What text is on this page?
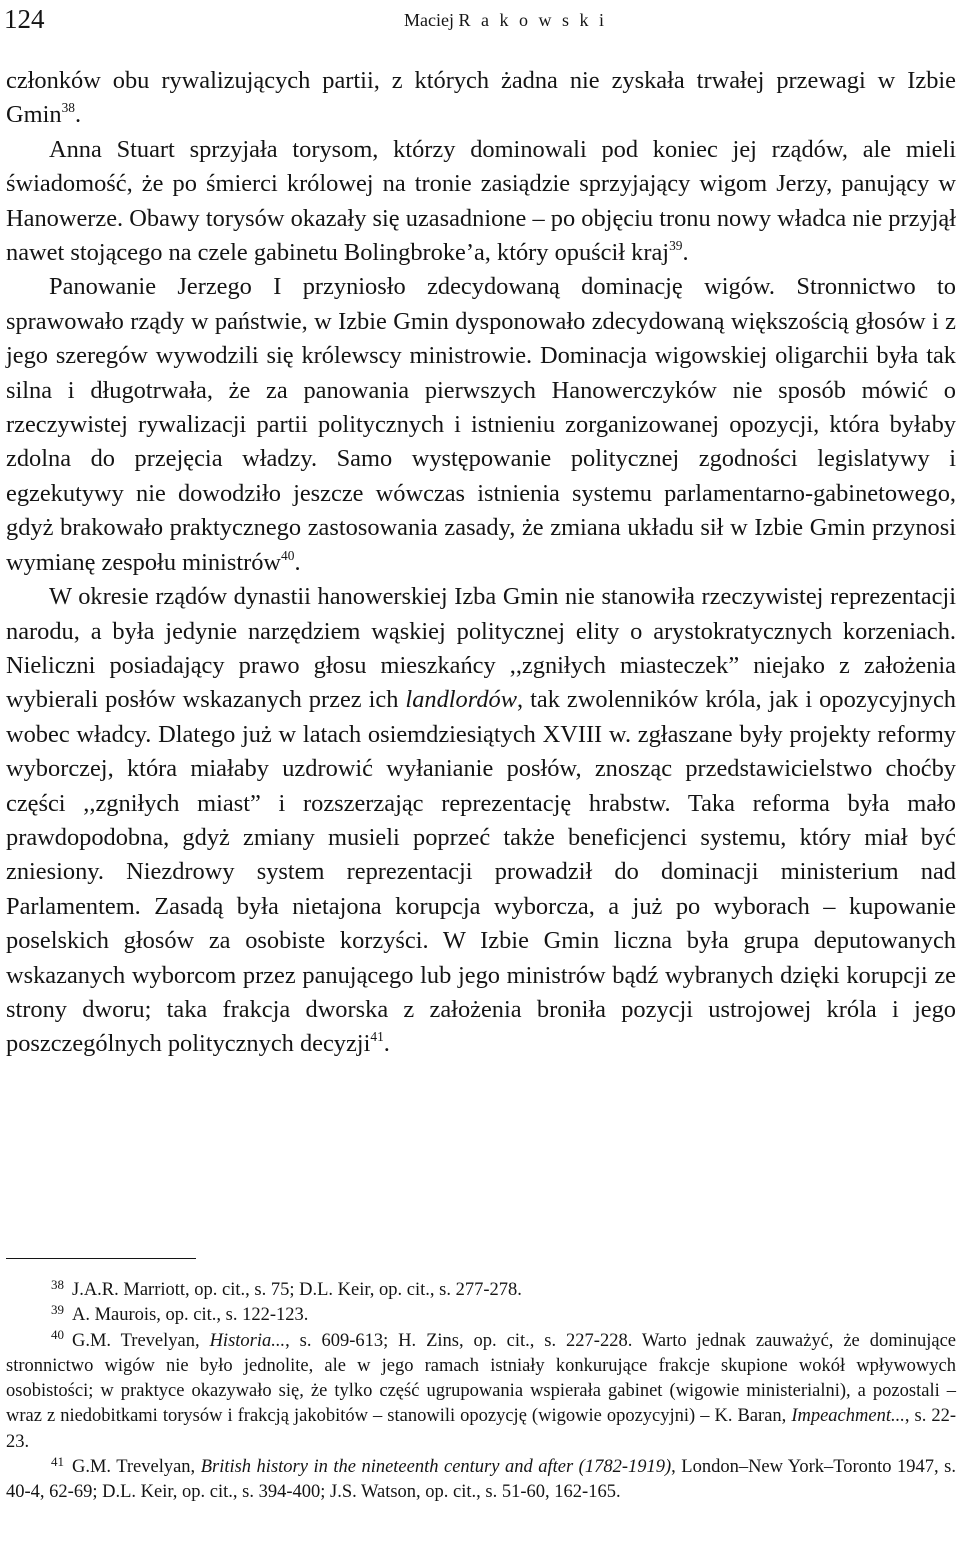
124	Maciej R a k o w s k i

członków obu rywalizujących partii, z których żadna nie zyskała trwałej przewagi w Izbie Gmin$^{38}$.

Anna Stuart sprzyjała torysom, którzy dominowali pod koniec jej rządów, ale mieli świadomość, że po śmierci królowej na tronie zasiądzie sprzyjający wigom Jerzy, panujący w Hanowerze. Obawy torysów okazały się uzasadnione – po objęciu tronu nowy władca nie przyjął nawet stojącego na czele gabinetu Bolingbroke’a, który opuścił kraj$^{39}$.

Panowanie Jerzego I przyniosło zdecydowaną dominację wigów. Stronnictwo to sprawowało rządy w państwie, w Izbie Gmin dysponowało zdecydowaną większością głosów i z jego szeregów wywodzili się królewscy ministrowie. Dominacja wigowskiej oligarchii była tak silna i długotrwała, że za panowania pierwszych Hanowerczyków nie sposób mówić o rzeczywistej rywalizacji partii politycznych i istnieniu zorganizowanej opozycji, która byłaby zdolna do przejęcia władzy. Samo występowanie politycznej zgodności legislatywy i egzekutywy nie dowodziło jeszcze wówczas istnienia systemu parlamentarno-gabinetowego, gdyż brakowało praktycznego zastosowania zasady, że zmiana układu sił w Izbie Gmin przynosi wymianę zespołu ministrów$^{40}$.

W okresie rządów dynastii hanowerskiej Izba Gmin nie stanowiła rzeczywistej reprezentacji narodu, a była jedynie narzędziem wąskiej politycznej elity o arystokratycznych korzeniach. Nieliczni posiadający prawo głosu mieszkańcy ,,zgniłych miasteczek” niejako z założenia wybierali posłów wskazanych przez ich landlordów, tak zwolenników króla, jak i opozycyjnych wobec władcy. Dlatego już w latach osiemdziesiątych XVIII w. zgłaszane były projekty reformy wyborczej, która miałaby uzdrowić wyłanianie posłów, znosząc przedstawicielstwo choćby części ,,zgniłych miast” i rozszerzając reprezentację hrabstw. Taka reforma była mało prawdopodobna, gdyż zmiany musieli poprzeć także beneficjenci systemu, który miał być zniesiony. Niezdrowy system reprezentacji prowadził do dominacji ministerium nad Parlamentem. Zasadą była nietajona korupcja wyborcza, a już po wyborach – kupowanie poselskich głosów za osobiste korzyści. W Izbie Gmin liczna była grupa deputowanych wskazanych wyborcom przez panującego lub jego ministrów bądź wybranych dzięki korupcji ze strony dworu; taka frakcja dworska z założenia broniła pozycji ustrojowej króla i jego poszczególnych politycznych decyzji$^{41}$.

$^{38}$ J.A.R. Marriott, op. cit., s. 75; D.L. Keir, op. cit., s. 277-278.

$^{39}$ A. Maurois, op. cit., s. 122-123.

$^{40}$ G.M. Trevelyan, Historia..., s. 609-613; H. Zins, op. cit., s. 227-228. Warto jednak zauważyć, że dominujące stronnictwo wigów nie było jednolite, ale w jego ramach istniały konkurujące frakcje skupione wokół wpływowych osobistości; w praktyce okazywało się, że tylko część ugrupowania wspierała gabinet (wigowie ministerialni), a pozostali – wraz z niedobitkami torysów i frakcją jakobitów – stanowili opozycję (wigowie opozycyjni) – K. Baran, Impeachment..., s. 22-23.

$^{41}$ G.M. Trevelyan, British history in the nineteenth century and after (1782-1919), London–New York–Toronto 1947, s. 40-4, 62-69; D.L. Keir, op. cit., s. 394-400; J.S. Watson, op. cit., s. 51-60, 162-165.
